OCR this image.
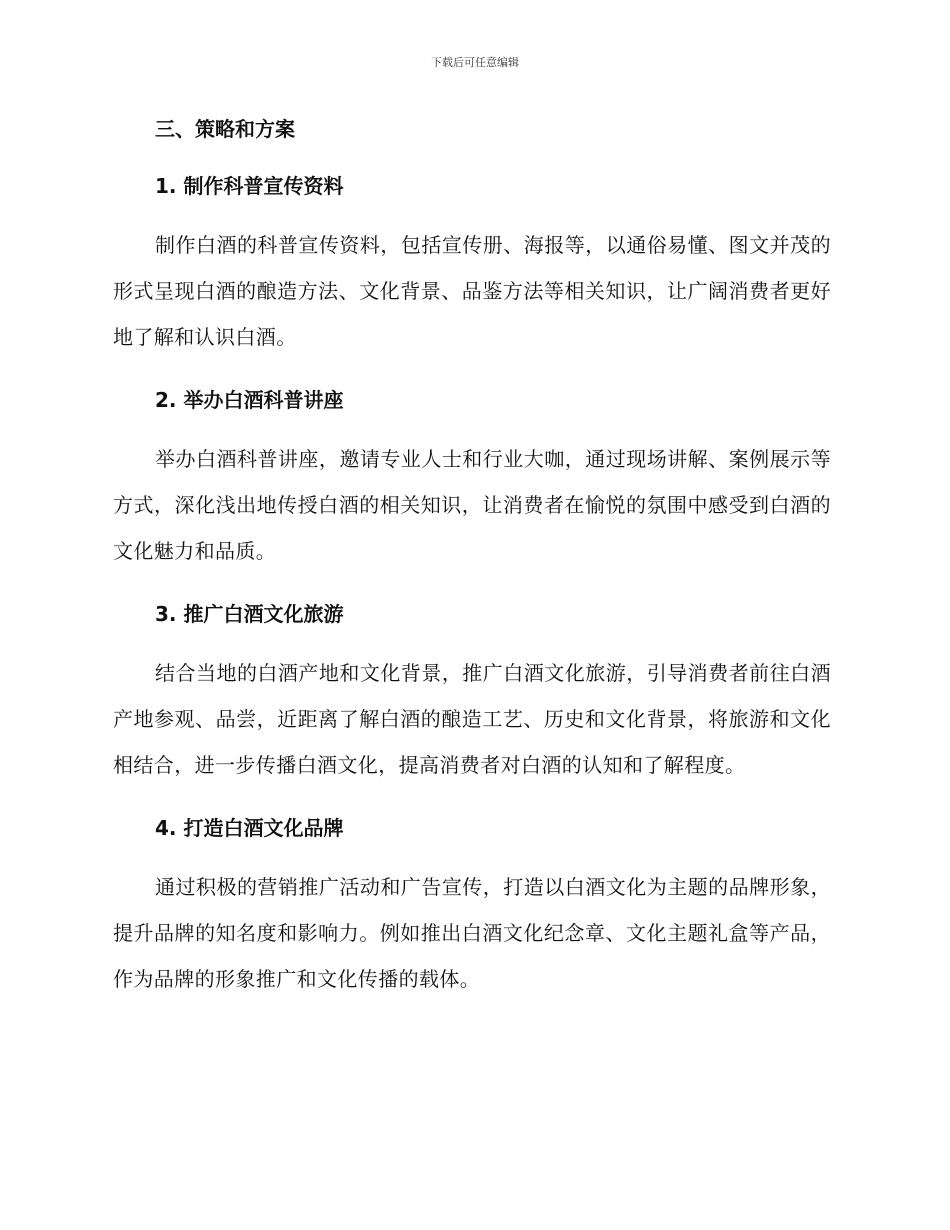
下载后可任意编辑
三、策略和方案
1. 制作科普宣传资料

制作白酒的科普宣传资料，包括宣传册、海报等，以通俗易懂、图文并茂的形式呈现白酒的酿造方法、文化背景、品鉴方法等相关知识，让广阔消费者更好地了解和认识白酒。

2. 举办白酒科普讲座

举办白酒科普讲座，邀请专业人士和行业大咖，通过现场讲解、案例展示等方式，深化浅出地传授白酒的相关知识，让消费者在愉悦的氛围中感受到白酒的文化魅力和品质。

3. 推广白酒文化旅游

结合当地的白酒产地和文化背景，推广白酒文化旅游，引导消费者前往白酒产地参观、品尝，近距离了解白酒的酿造工艺、历史和文化背景，将旅游和文化相结合，进一步传播白酒文化，提高消费者对白酒的认知和了解程度。

4. 打造白酒文化品牌

通过积极的营销推广活动和广告宣传，打造以白酒文化为主题的品牌形象，提升品牌的知名度和影响力。例如推出白酒文化纪念章、文化主题礼盒等产品，作为品牌的形象推广和文化传播的载体。
